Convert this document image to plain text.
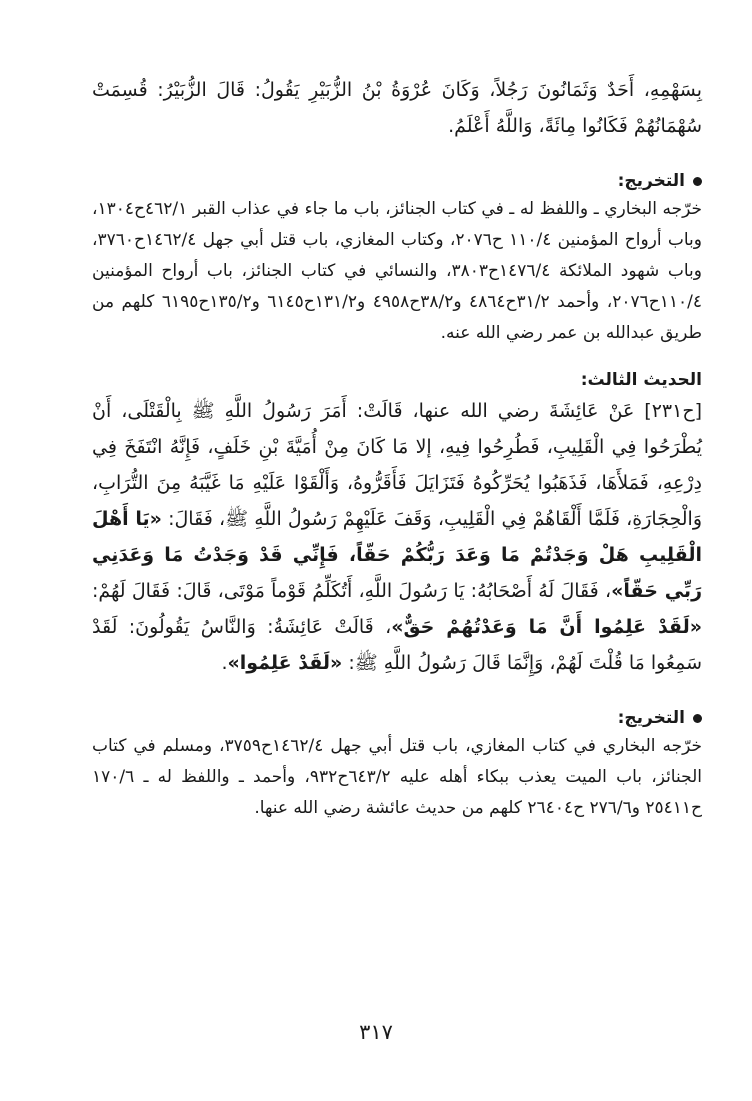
بِسَهْمِهِ، أَحَدٌ وَثَمَانُونَ رَجُلاً، وَكَانَ عُرْوَةُ بْنُ الزُّبَيْرِ يَقُولُ: قَالَ الزُّبَيْرُ: قُسِمَتْ سُهْمَانُهُمْ فَكَانُوا مِائَةً، وَاللَّهُ أَعْلَمُ.

التخريج:

خرّجه البخاري ـ واللفظ له ـ في كتاب الجنائز، باب ما جاء في عذاب القبر ٤٦٢/١ح١٣٠٤، وباب أرواح المؤمنين ١١٠/٤ ح٢٠٧٦، وكتاب المغازي، باب قتل أبي جهل ١٤٦٢/٤ح٣٧٦٠، وباب شهود الملائكة ١٤٧٦/٤ح٣٨٠٣، والنسائي في كتاب الجنائز، باب أرواح المؤمنين ١١٠/٤ح٢٠٧٦، وأحمد ٣١/٢ح٤٨٦٤ و٣٨/٢ح٤٩٥٨ و١٣١/٢ح٦١٤٥ و١٣٥/٢ح٦١٩٥ كلهم من طريق عبدالله بن عمر رضي الله عنه.

الحديث الثالث:

[ح٢٣١] عَنْ عَائِشَةَ رضي الله عنها، قَالَتْ: أَمَرَ رَسُولُ اللَّهِ ﷺ بِالْقَتْلَى، أَنْ يُطْرَحُوا فِي الْقَلِيبِ، فَطُرِحُوا فِيهِ، إلا مَا كَانَ مِنْ أُمَيَّةَ بْنِ خَلَفٍ، فَإِنَّهُ انْتَفَخَ فِي دِرْعِهِ، فَمَلأَهَا، فَذَهَبُوا يُحَرِّكُوهُ فَتَزَايَلَ فَأَقَرُّوهُ، وَأَلْقَوْا عَلَيْهِ مَا غَيَّبَهُ مِنَ التُّرَابِ، وَالْحِجَارَةِ، فَلَمَّا أَلْقَاهُمْ فِي الْقَلِيبِ، وَقَفَ عَلَيْهِمْ رَسُولُ اللَّهِ ﷺ، فَقَالَ: «يَا أَهْلَ الْقَلِيبِ هَلْ وَجَدْتُمْ مَا وَعَدَ رَبُّكُمْ حَقّاً، فَإِنِّي قَدْ وَجَدْتُ مَا وَعَدَنِي رَبِّي حَقّاً»، فَقَالَ لَهُ أَصْحَابُهُ: يَا رَسُولَ اللَّهِ، أَتُكَلِّمُ قَوْماً مَوْتَى، قَالَ: فَقَالَ لَهُمْ: «لَقَدْ عَلِمُوا أَنَّ مَا وَعَدْتُهُمْ حَقٌّ»، قَالَتْ عَائِشَةُ: وَالنَّاسُ يَقُولُونَ: لَقَدْ سَمِعُوا مَا قُلْتَ لَهُمْ، وَإِنَّمَا قَالَ رَسُولُ اللَّهِ ﷺ: «لَقَدْ عَلِمُوا».

التخريج:

خرّجه البخاري في كتاب المغازي، باب قتل أبي جهل ١٤٦٢/٤ح٣٧٥٩، ومسلم في كتاب الجنائز، باب الميت يعذب ببكاء أهله عليه ٦٤٣/٢ح٩٣٢، وأحمد ـ واللفظ له ـ ١٧٠/٦ ح٢٥٤١١ و٢٧٦/٦ ح٢٦٤٠٤ كلهم من حديث عائشة رضي الله عنها.

٣١٧
